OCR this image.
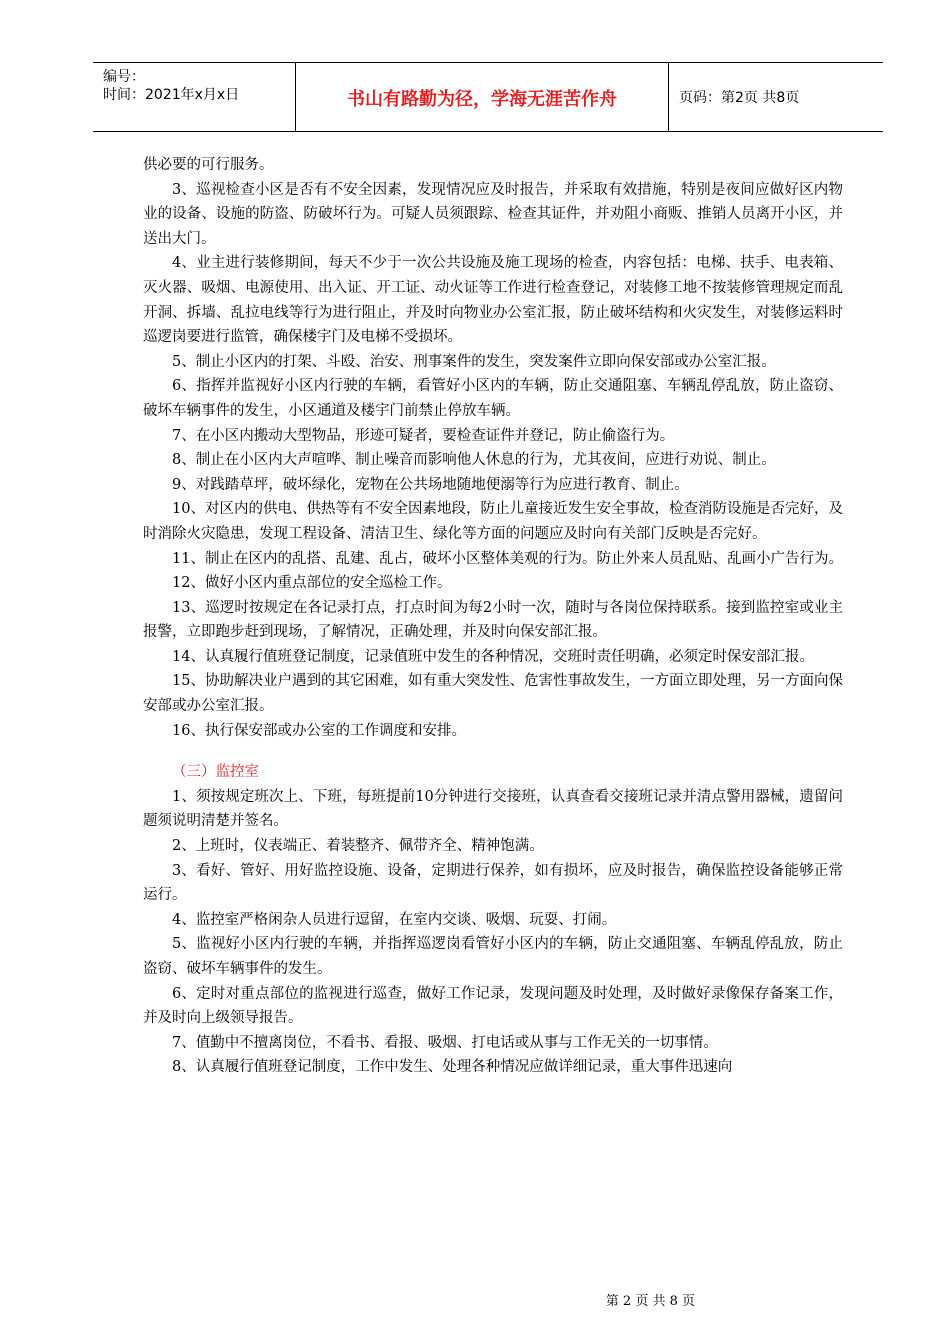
编号：
时间：2021年x月x日	书山有路勤为径，学海无涯苦作舟	页码：第2页 共8页

供必要的可行服务。

3、巡视检查小区是否有不安全因素，发现情况应及时报告，并采取有效措施，特别是夜间应做好区内物业的设备、设施的防盗、防破坏行为。可疑人员须跟踪、检查其证件，并劝阻小商贩、推销人员离开小区，并送出大门。

4、业主进行装修期间，每天不少于一次公共设施及施工现场的检查，内容包括：电梯、扶手、电表箱、灭火器、吸烟、电源使用、出入证、开工证、动火证等工作进行检查登记，对装修工地不按装修管理规定而乱开洞、拆墙、乱拉电线等行为进行阻止，并及时向物业办公室汇报，防止破坏结构和火灾发生，对装修运料时巡逻岗要进行监管，确保楼宇门及电梯不受损坏。

5、制止小区内的打架、斗殴、治安、刑事案件的发生，突发案件立即向保安部或办公室汇报。

6、指挥并监视好小区内行驶的车辆，看管好小区内的车辆，防止交通阻塞、车辆乱停乱放，防止盗窃、破坏车辆事件的发生，小区通道及楼宇门前禁止停放车辆。

7、在小区内搬动大型物品，形迹可疑者，要检查证件并登记，防止偷盗行为。

8、制止在小区内大声喧哗、制止噪音而影响他人休息的行为，尤其夜间，应进行劝说、制止。

9、对践踏草坪，破坏绿化，宠物在公共场地随地便溺等行为应进行教育、制止。

10、对区内的供电、供热等有不安全因素地段，防止儿童接近发生安全事故，检查消防设施是否完好，及时消除火灾隐患，发现工程设备、清洁卫生、绿化等方面的问题应及时向有关部门反映是否完好。

11、制止在区内的乱搭、乱建、乱占，破坏小区整体美观的行为。防止外来人员乱贴、乱画小广告行为。

12、做好小区内重点部位的安全巡检工作。

13、巡逻时按规定在各记录打点，打点时间为每2小时一次，随时与各岗位保持联系。接到监控室或业主报警，立即跑步赶到现场，了解情况，正确处理，并及时向保安部汇报。

14、认真履行值班登记制度，记录值班中发生的各种情况，交班时责任明确，必须定时保安部汇报。

15、协助解决业户遇到的其它困难，如有重大突发性、危害性事故发生，一方面立即处理，另一方面向保安部或办公室汇报。

16、执行保安部或办公室的工作调度和安排。

（三）监控室

1、须按规定班次上、下班，每班提前10分钟进行交接班，认真查看交接班记录并清点警用器械，遗留问题须说明清楚并签名。

2、上班时，仪表端正、着装整齐、佩带齐全、精神饱满。

3、看好、管好、用好监控设施、设备，定期进行保养，如有损坏，应及时报告，确保监控设备能够正常运行。

4、监控室严格闲杂人员进行逗留，在室内交谈、吸烟、玩耍、打闹。

5、监视好小区内行驶的车辆，并指挥巡逻岗看管好小区内的车辆，防止交通阻塞、车辆乱停乱放，防止盗窃、破坏车辆事件的发生。

6、定时对重点部位的监视进行巡查，做好工作记录，发现问题及时处理，及时做好录像保存备案工作，并及时向上级领导报告。

7、值勤中不擅离岗位，不看书、看报、吸烟、打电话或从事与工作无关的一切事情。

8、认真履行值班登记制度，工作中发生、处理各种情况应做详细记录，重大事件迅速向

第 2 页 共 8 页
